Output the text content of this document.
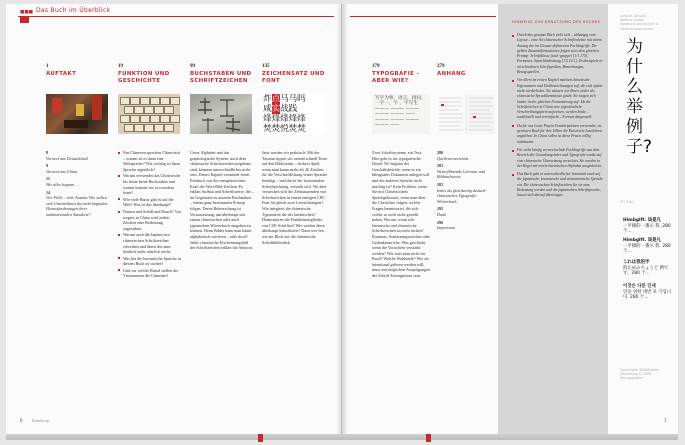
■■■ Das Buch im Überblick
1
AUFTAKT
19
FUNKTION UND GESCHICHTE
99
BUCHSTABEN UND SCHRIFTZEICHEN
135
ZEICHENSATZ UND FONT
炸点马马吗
咸实战践
烽烽烽烽烽
焚焚悦焚焚

8
Vorwort aus Deutschland

9
Vorwort aus China

11
Wie alles begann …

14
Vier Fälle – viele Ansätze Wie stellen sich Unternehmen des mehrlingualen Herausforderungen ihrer multinationalen Standorte?

Nur Chinesen sprechen Chinesisch – warum ist es dann eine Weltsprache? Wie wichtig ist diese Sprache eigentlich?
Warum verwendet das Chinesische bis heute keine Buchstaben und warum können wir es trotzdem lesen?
Wie viele Hanzi gibt es auf der Welt? Was ist das überhaupt?
Namen und Schall und Rauch? Von wegen: in China wird jedem Zeichen eine Bedeutung zugeordnet.
Warum auch die Japaner mit chinesischen Schriftzeichen schreiben und ihnen das zum deutlich mehr nützlich reicht.
Was hat die koreanische Sprache in diesem Buch zu suchen?
Und vor welche Rätsel stellen die Vietnamesen die Chinesen?
Unser Alphabet und das graphologische System, nach dem chinesische Schriftzeichen aufgebaut sind, könnten unterschiedlicher nicht sein. Dieses Kapitel vermittelt einen Eindruck von der metaphorischen Kraft der Wort-Bild-Zeichen. Es erklärt Aufbau und Schreibweise, die – im Gegensatz zu unseren Buchstaben – einem ganz bestimmten Prinzip folgen. Deren Beherrschung ist Voraussetzung, um überhaupt mit einem chinesischen oder auch japanischen Wörterbuch umgehen zu können. Denn Bilder kann man kaum alphabetisch sortieren – oder doch? Jedes chinesische Erscheinungsbild der Schriftzeichen erklärt die Antwort.
Jetzt werden wir praktisch: Mit der Tastatur tippen wir rasend schnell Texte auf den Bildschirm – leichtes Spiel, wenn man kaum mehr als 26 Zeichen für die Verschriftlichung seiner Sprache benötigt – und das in der horizontalen Schreibrichtung, versteht sich. Wo aber verstecken sich die Zehntausenden von Schriftzeichen in einem einzigen CJK-Font für gleich zwei Leserichtungen? Wie integriert die chinesische Typometrie die der lateinischen? Harmonieren die Familienmitglieder von CJK-Schriften? Wie werden diese überhaupt klassifiziert? Dazu wer-fen wir ein Blick auf die chinesische Schriftbibliothek.
6	Einleitung
179
TYPOGRAFIE – ABER WIE?
279
ANHANG
写字为事，语言，再问，
一字一，字 ，字写生
——— ——— ———
——— ——— ——
——— ——— ———
——— ——
Zwei Schriftsysteme, ein Text: Hier geht es ins typografische Detail. Wo beginnt der Geschäftsbetrieb, wenn er ein bilinguales Dokument anlegen soll und der anderen Sprache nicht mächtig ist? Kein Problem, wenn Sie mit Chinesischem Sprachgebrauch, wenn man über die Checkliste folgen, welche Fragen beantwortet, die sich vorher so noch nicht gestellt haben. Worum, wenn sich lateinische und chinesische Schriftzeichen zu nicht rächen? Kommas, Auslassungszeichen oder Gedankenstriche: Was geschieht, wenn die Vorsichten verstärkt werden? Wie setzt man nicht ein Buch? Welche Wahlstiele? Wer sie intentional gelesen werden will, muss mit möglichen Ausprägungen der Schrift Erzeugnissen sein.

280
Quellenverzeichnis

281
Weiterführende Literatur und Bildnachweise

282
Index als gleichzeitig deutsch-chinesisches Typografie-Wörterbuch

295
Dank

296
Impressum

HINWEISE ZUR BENUTZUNG DES BUCHES

Durch das gesamte Buch zieht sich – abhängig vom Layout – eine Art chinesischer Schriftenleiste mit einem Auszug der im Glossar definierten Fachbegriffe. Die gelben Zusatzinformationen folgen stets dem gleichen Prinzip: Schriftklasse (und -gruppe) [1/1.175], Formenes, Sprachbedeutung [1.5 10.1], Textbeispiele in verschiedenen Schriftgrößen, Bemerkungen, Bezugsquellen.

Vor allem im ersten Kapitel machen chinesische Eigennamen und Titelbezeichnungen auf, die sich später nicht wiederholen. Sie müssen von Ihnen weder als chinesische Sprachkenntnisse geübt. Sie tragen sich immer in der gleichen Formatierung auf: Da die Schriftzeichen in China eine eigentümliche Verschreibungsform aufweisen, werden beide – traditionell und vereinfacht – Formen dargestellt.

Da für uns Leute Pinyin-Transkriptionen verwendet, sie gewissen Buch für ihre Silben die Kaiserzeit-Lautlehren angelehnt. In China selbst ist diese Praxis völlig unbekannt.

Für nicht häufig verwechselnde Fachbegriffe aus dem Bereich der Gestaltungslehre und Typografie wurde auf eine chinesische Übersetzung verzichtet. Sie werden in der Regel mit einem lateinischen Alphabet ausgedrückt.

Das Buch geht in unterschiedlicher Intensität nach auf die japanische, koreanische und vietnamesische Sprache ein. Die chinesischen Schriftzeichen für sie zum Bedeutung werden und die japanischen Schriftsprache, lassen sich darauf übertragen.

Lorbuus (Dusstl)
Wallbus Global
sansbuus und dunhen & Forschungsgenossen
为什么举例子?
W / 9?pt
Himbglft. 该是凡
一平梯的一番示 我. 280 个…
Himbglft. 该是凡
一平梯的一番示 我. 280 个…
これは我的字
的ためのちょうど 例です。280 个…
이것은 다른 인새
연을 위한 대번 보 기입니다. 280 个…
Typischsten Bibliotheken
Verwaltung & CHPD
Bezugsquellen
7
